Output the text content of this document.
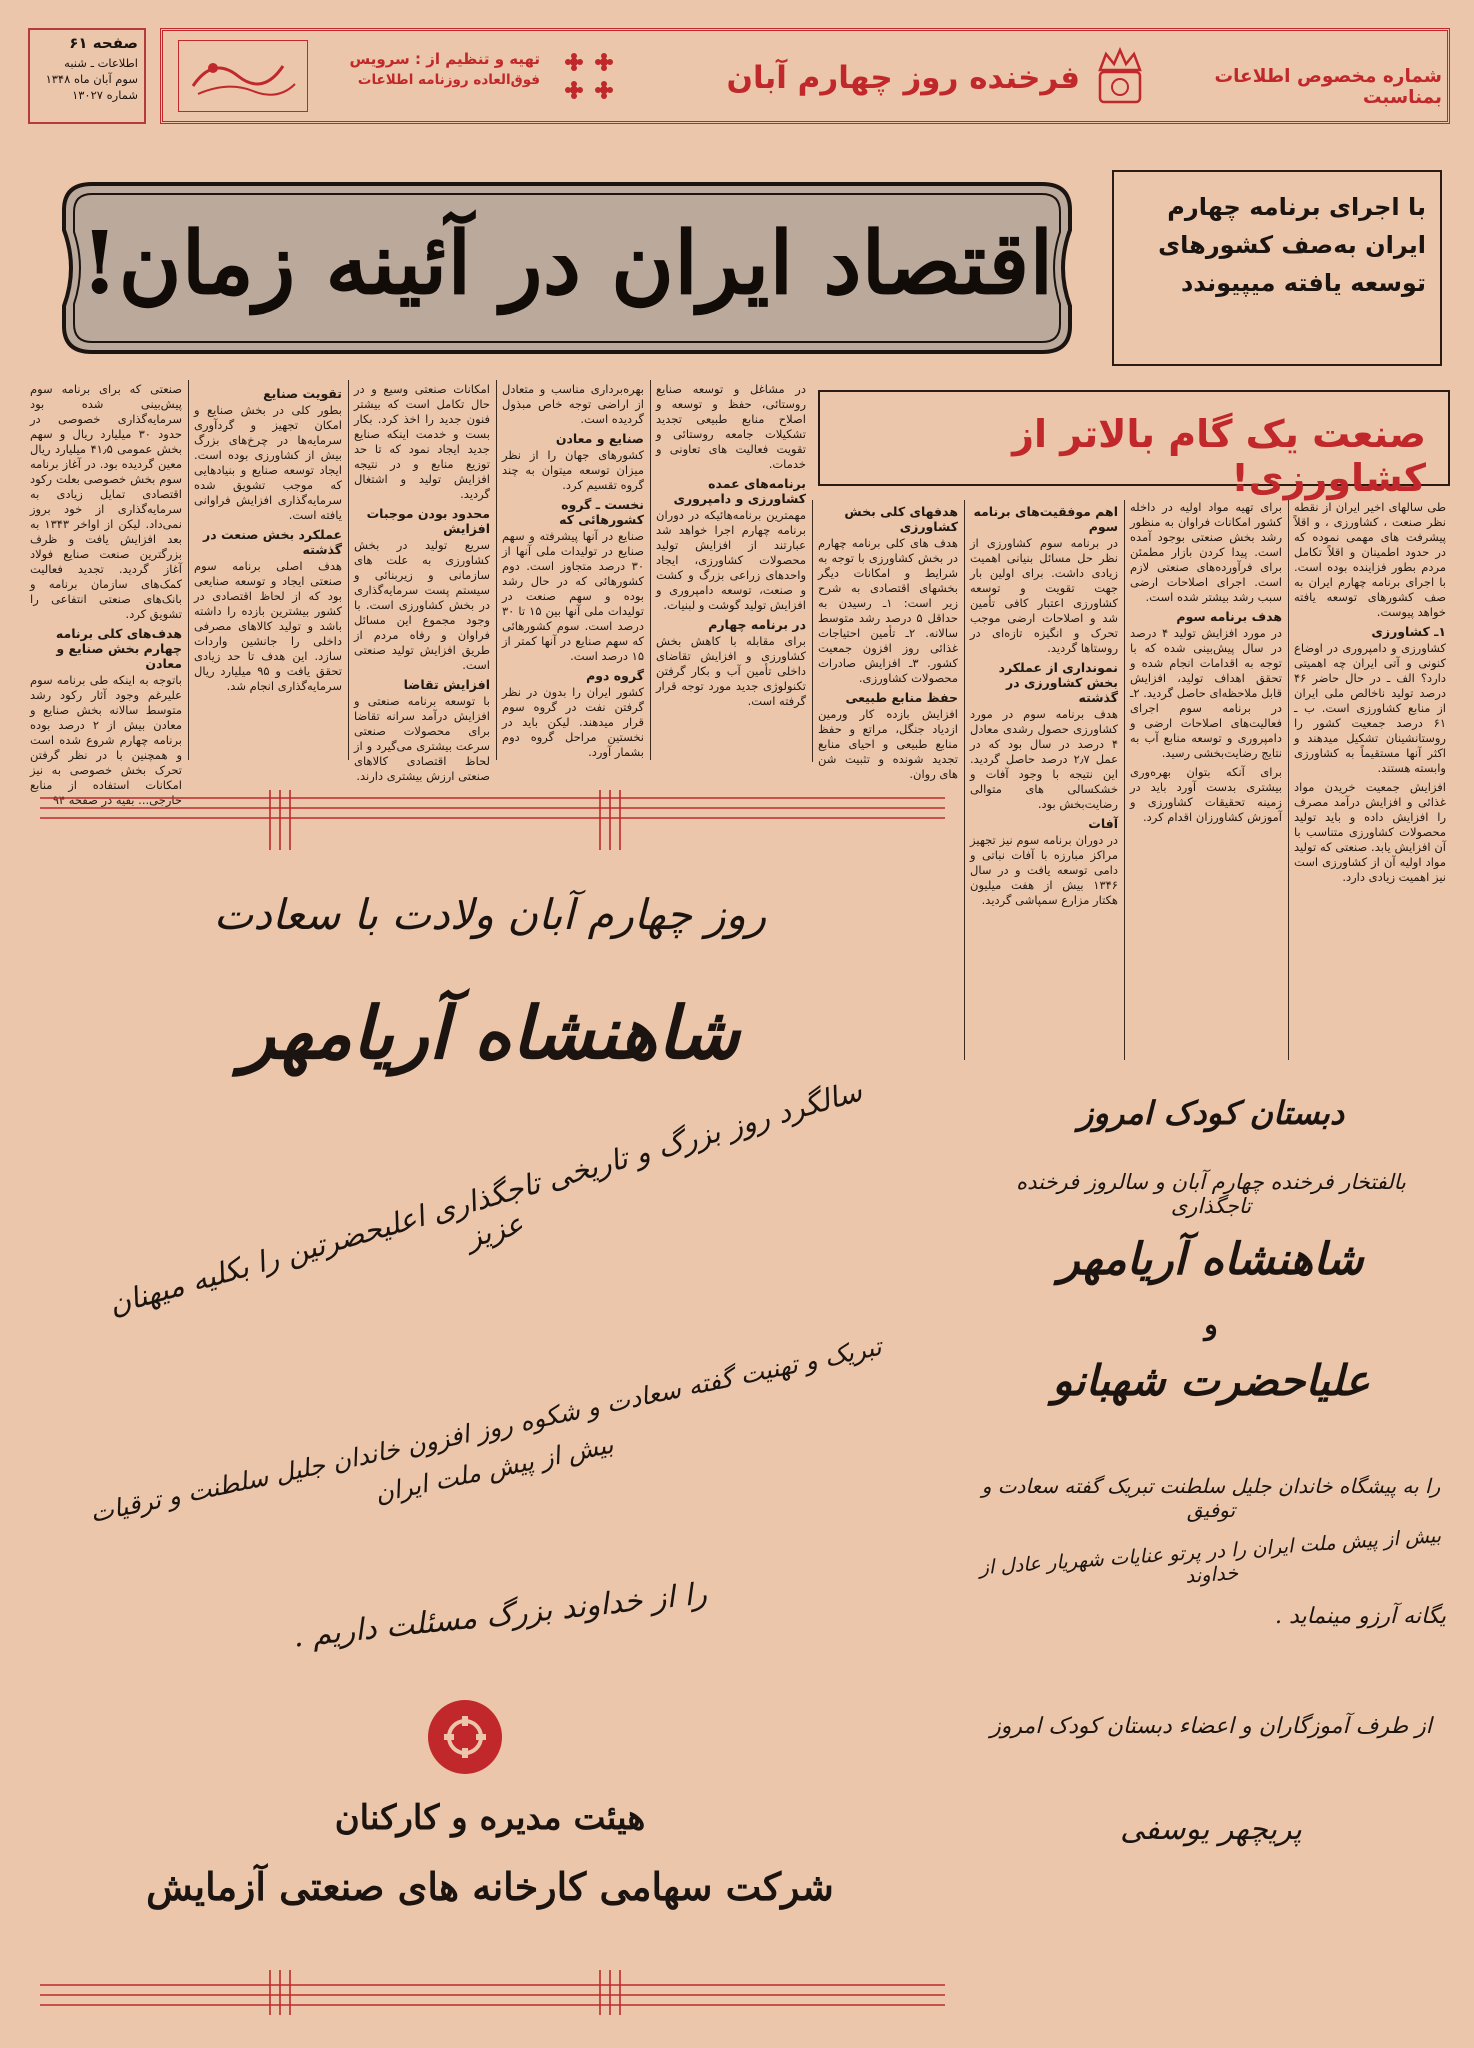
صفحه ۶۱
اطلاعات ـ شنبه
سوم آبان ماه ۱۳۴۸
شماره ۱۳۰۲۷
تهیه و تنظیم از : سرویس
فوق‌العاده روزنامه اطلاعات	فرخنده روز چهارم آبان	شماره مخصوص اطلاعات بمناسبت
اقتصاد ایران در آئینه زمان!
با اجرای برنامه چهارم
ایران به‌صف کشورهای
توسعه یافته میپیوندد
صنعت یک گام بالاتر از کشاورزی!

صنعتی که برای برنامه سوم پیش‌بینی شده بود سرمایه‌گذاری خصوصی در حدود ۳۰ میلیارد ریال و سهم بخش عمومی ۴۱٫۵ میلیارد ریال معین گردیده بود. در آغاز برنامه سوم بخش خصوصی بعلت رکود اقتصادی تمایل زیادی به سرمایه‌گذاری از خود بروز نمی‌داد. لیکن از اواخر ۱۳۴۳ به بعد افزایش یافت و ظرف بزرگترین صنعت صنایع فولاد آغاز گردید. تجدید فعالیت کمک‌های سازمان برنامه و بانک‌های صنعتی انتفاعی را تشویق کرد.

هدف‌های کلی برنامه چهارم بخش صنایع و معادن

باتوجه به اینکه طی برنامه سوم علیرغم وجود آثار رکود رشد متوسط سالانه بخش صنایع و معادن بیش از ۲ درصد بوده برنامه چهارم شروع شده است و همچنین با در نظر گرفتن تحرک بخش خصوصی به نیز امکانات استفاده از منابع خارجی... بقیه در صفحه ۹۴

تقویت صنایع

بطور کلی در بخش صنایع و امکان تجهیز و گردآوری سرمایه‌ها در چرخ‌های بزرگ بیش از کشاورزی بوده است. ایجاد توسعه صنایع و بنیادهایی که موجب تشویق شده سرمایه‌گذاری افزایش فراوانی یافته است.

عملکرد بخش صنعت در گذشته

هدف اصلی برنامه سوم صنعتی ایجاد و توسعه صنایعی بود که از لحاظ اقتصادی در کشور بیشترین بازده را داشته باشد و تولید کالاهای مصرفی داخلی را جانشین واردات سازد. این هدف تا حد زیادی تحقق یافت و ۹۵ میلیارد ریال سرمایه‌گذاری انجام شد.

امکانات صنعتی وسیع و در حال تکامل است که بیشتر فنون جدید را اخذ کرد. بکار بست و خدمت اینکه صنایع جدید ایجاد نمود که تا حد توزیع منابع و در نتیجه افزایش تولید و اشتغال گردید.

محدود بودن موجبات افزایش

سریع تولید در بخش کشاورزی به علت های سازمانی و زیربنائی و سیستم پست سرمایه‌گذاری در بخش کشاورزی است. با وجود مجموع این مسائل فراوان و رفاه مردم از طریق افزایش تولید صنعتی است.

افزایش تقاضا

با توسعه برنامه صنعتی و افزایش درآمد سرانه تقاضا برای محصولات صنعتی سرعت بیشتری می‌گیرد و از لحاظ اقتصادی کالاهای صنعتی ارزش بیشتری دارند.

بهره‌برداری مناسب و متعادل از اراضی توجه خاص مبذول گردیده است.

صنایع و معادن

کشورهای جهان را از نظر میزان توسعه میتوان به چند گروه تقسیم کرد.

نخست ـ گروه کشورهائی که

صنایع در آنها پیشرفته و سهم صنایع در تولیدات ملی آنها از ۳۰ درصد متجاوز است. دوم کشورهائی که در حال رشد بوده و سهم صنعت در تولیدات ملی آنها بین ۱۵ تا ۳۰ درصد است. سوم کشورهائی که سهم صنایع در آنها کمتر از ۱۵ درصد است.

گروه دوم

کشور ایران را بدون در نظر گرفتن نفت در گروه سوم قرار میدهند. لیکن باید در نخستین مراحل گروه دوم بشمار آورد.

در مشاغل و توسعه صنایع روستائی، حفظ و توسعه و اصلاح منابع طبیعی تجدید تشکیلات جامعه روستائی و تقویت فعالیت های تعاونی و خدمات.

برنامه‌های عمده کشاورزی و دامپروری

مهمترین برنامه‌هائیکه در دوران برنامه چهارم اجرا خواهد شد عبارتند از افزایش تولید محصولات کشاورزی، ایجاد واحدهای زراعی بزرگ و کشت و صنعت، توسعه دامپروری و افزایش تولید گوشت و لبنیات.

در برنامه چهارم

برای مقابله با کاهش بخش کشاورزی و افزایش تقاضای داخلی تأمین آب و بکار گرفتن تکنولوژی جدید مورد توجه قرار گرفته است.

هدفهای کلی بخش کشاورزی

هدف های کلی برنامه چهارم در بخش کشاورزی با توجه به شرایط و امکانات دیگر بخشهای اقتصادی به شرح زیر است: ۱ـ رسیدن به حداقل ۵ درصد رشد متوسط سالانه. ۲ـ تأمین احتیاجات غذائی روز افزون جمعیت کشور. ۳ـ افزایش صادرات محصولات کشاورزی.

حفظ منابع طبیعی

افزایش بازده کار ورمین ازدیاد جنگل، مراتع و حفظ منابع طبیعی و احیای منابع تجدید شونده و تثبیت شن های روان.

اهم موفقیت‌های برنامه سوم

در برنامه سوم کشاورزی از نظر حل مسائل بنیانی اهمیت زیادی داشت. برای اولین بار جهت تقویت و توسعه کشاورزی اعتبار کافی تأمین شد و اصلاحات ارضی موجب تحرک و انگیزه تازه‌ای در روستاها گردید.

نمونداری از عملکرد بخش کشاورزی در گذشته

هدف برنامه سوم در مورد کشاورزی حصول رشدی معادل ۴ درصد در سال بود که در عمل ۲٫۷ درصد حاصل گردید. این نتیجه با وجود آفات و خشکسالی های متوالی رضایت‌بخش بود.

آفات

در دوران برنامه سوم نیز تجهیز مراکز مبارزه با آفات نباتی و دامی توسعه یافت و در سال ۱۳۴۶ بیش از هفت میلیون هکتار مزارع سمپاشی گردید.

برای تهیه مواد اولیه در داخله کشور امکانات فراوان به منظور رشد بخش صنعتی بوجود آمده است. پیدا کردن بازار مطمئن برای فرآورده‌های صنعتی لازم است. اجرای اصلاحات ارضی سبب رشد بیشتر شده است.

هدف برنامه سوم

در مورد افزایش تولید ۴ درصد در سال پیش‌بینی شده که با توجه به اقدامات انجام شده و تحقق اهداف تولید، افزایش قابل ملاحظه‌ای حاصل گردید. ۲ـ در برنامه سوم اجرای فعالیت‌های اصلاحات ارضی و دامپروری و توسعه منابع آب به نتایج رضایت‌بخشی رسید.

برای آنکه بتوان بهره‌وری بیشتری بدست آورد باید در زمینه تحقیقات کشاورزی و آموزش کشاورزان اقدام کرد.

طی سالهای اخیر ایران از نقطه نظر صنعت ، کشاورزی ، و اقلاً پیشرفت های مهمی نموده که در حدود اطمینان و اقلاً تکامل مردم بطور فزاینده بوده است. با اجرای برنامه چهارم ایران به صف کشورهای توسعه یافته خواهد پیوست.

۱ـ کشاورزی

کشاورزی و دامپروری در اوضاع کنونی و آتی ایران چه اهمیتی دارد؟ الف ـ در حال حاضر ۴۶ درصد تولید ناخالص ملی ایران از منابع کشاورزی است. ب ـ ۶۱ درصد جمعیت کشور را روستانشینان تشکیل میدهند و اکثر آنها مستقیماً به کشاورزی وابسته هستند.

افزایش جمعیت خریدن مواد غذائی و افزایش درآمد مصرف را افزایش داده و باید تولید محصولات کشاورزی متناسب با آن افزایش یابد. صنعتی که تولید مواد اولیه آن از کشاورزی است نیز اهمیت زیادی دارد.

روز چهارم آبان ولادت با سعادت
شاهنشاه آریامهر
سالگرد روز بزرگ و تاریخی تاجگذاری اعلیحضرتین را بکلیه میهنان عزیز
تبریک و تهنیت گفته سعادت و شکوه روز افزون خاندان جلیل سلطنت و ترقیات بیش از پیش ملت ایران
را از خداوند بزرگ مسئلت داریم .
هیئت مدیره و کارکنان
شرکت سهامی کارخانه های صنعتی آزمایش
دبستان کودک امروز
بالفتخار فرخنده چهارم آبان و سالروز فرخنده تاجگذاری
شاهنشاه آریامهر
و
علیاحضرت شهبانو
را به پیشگاه خاندان جلیل سلطنت تبریک گفته سعادت و توفیق
بیش از پیش ملت ایران را در پرتو عنایات شهریار عادل از خداوند
یگانه آرزو مینماید .
از طرف آموزگاران و اعضاء دبستان کودک امروز
پریچهر یوسفی
